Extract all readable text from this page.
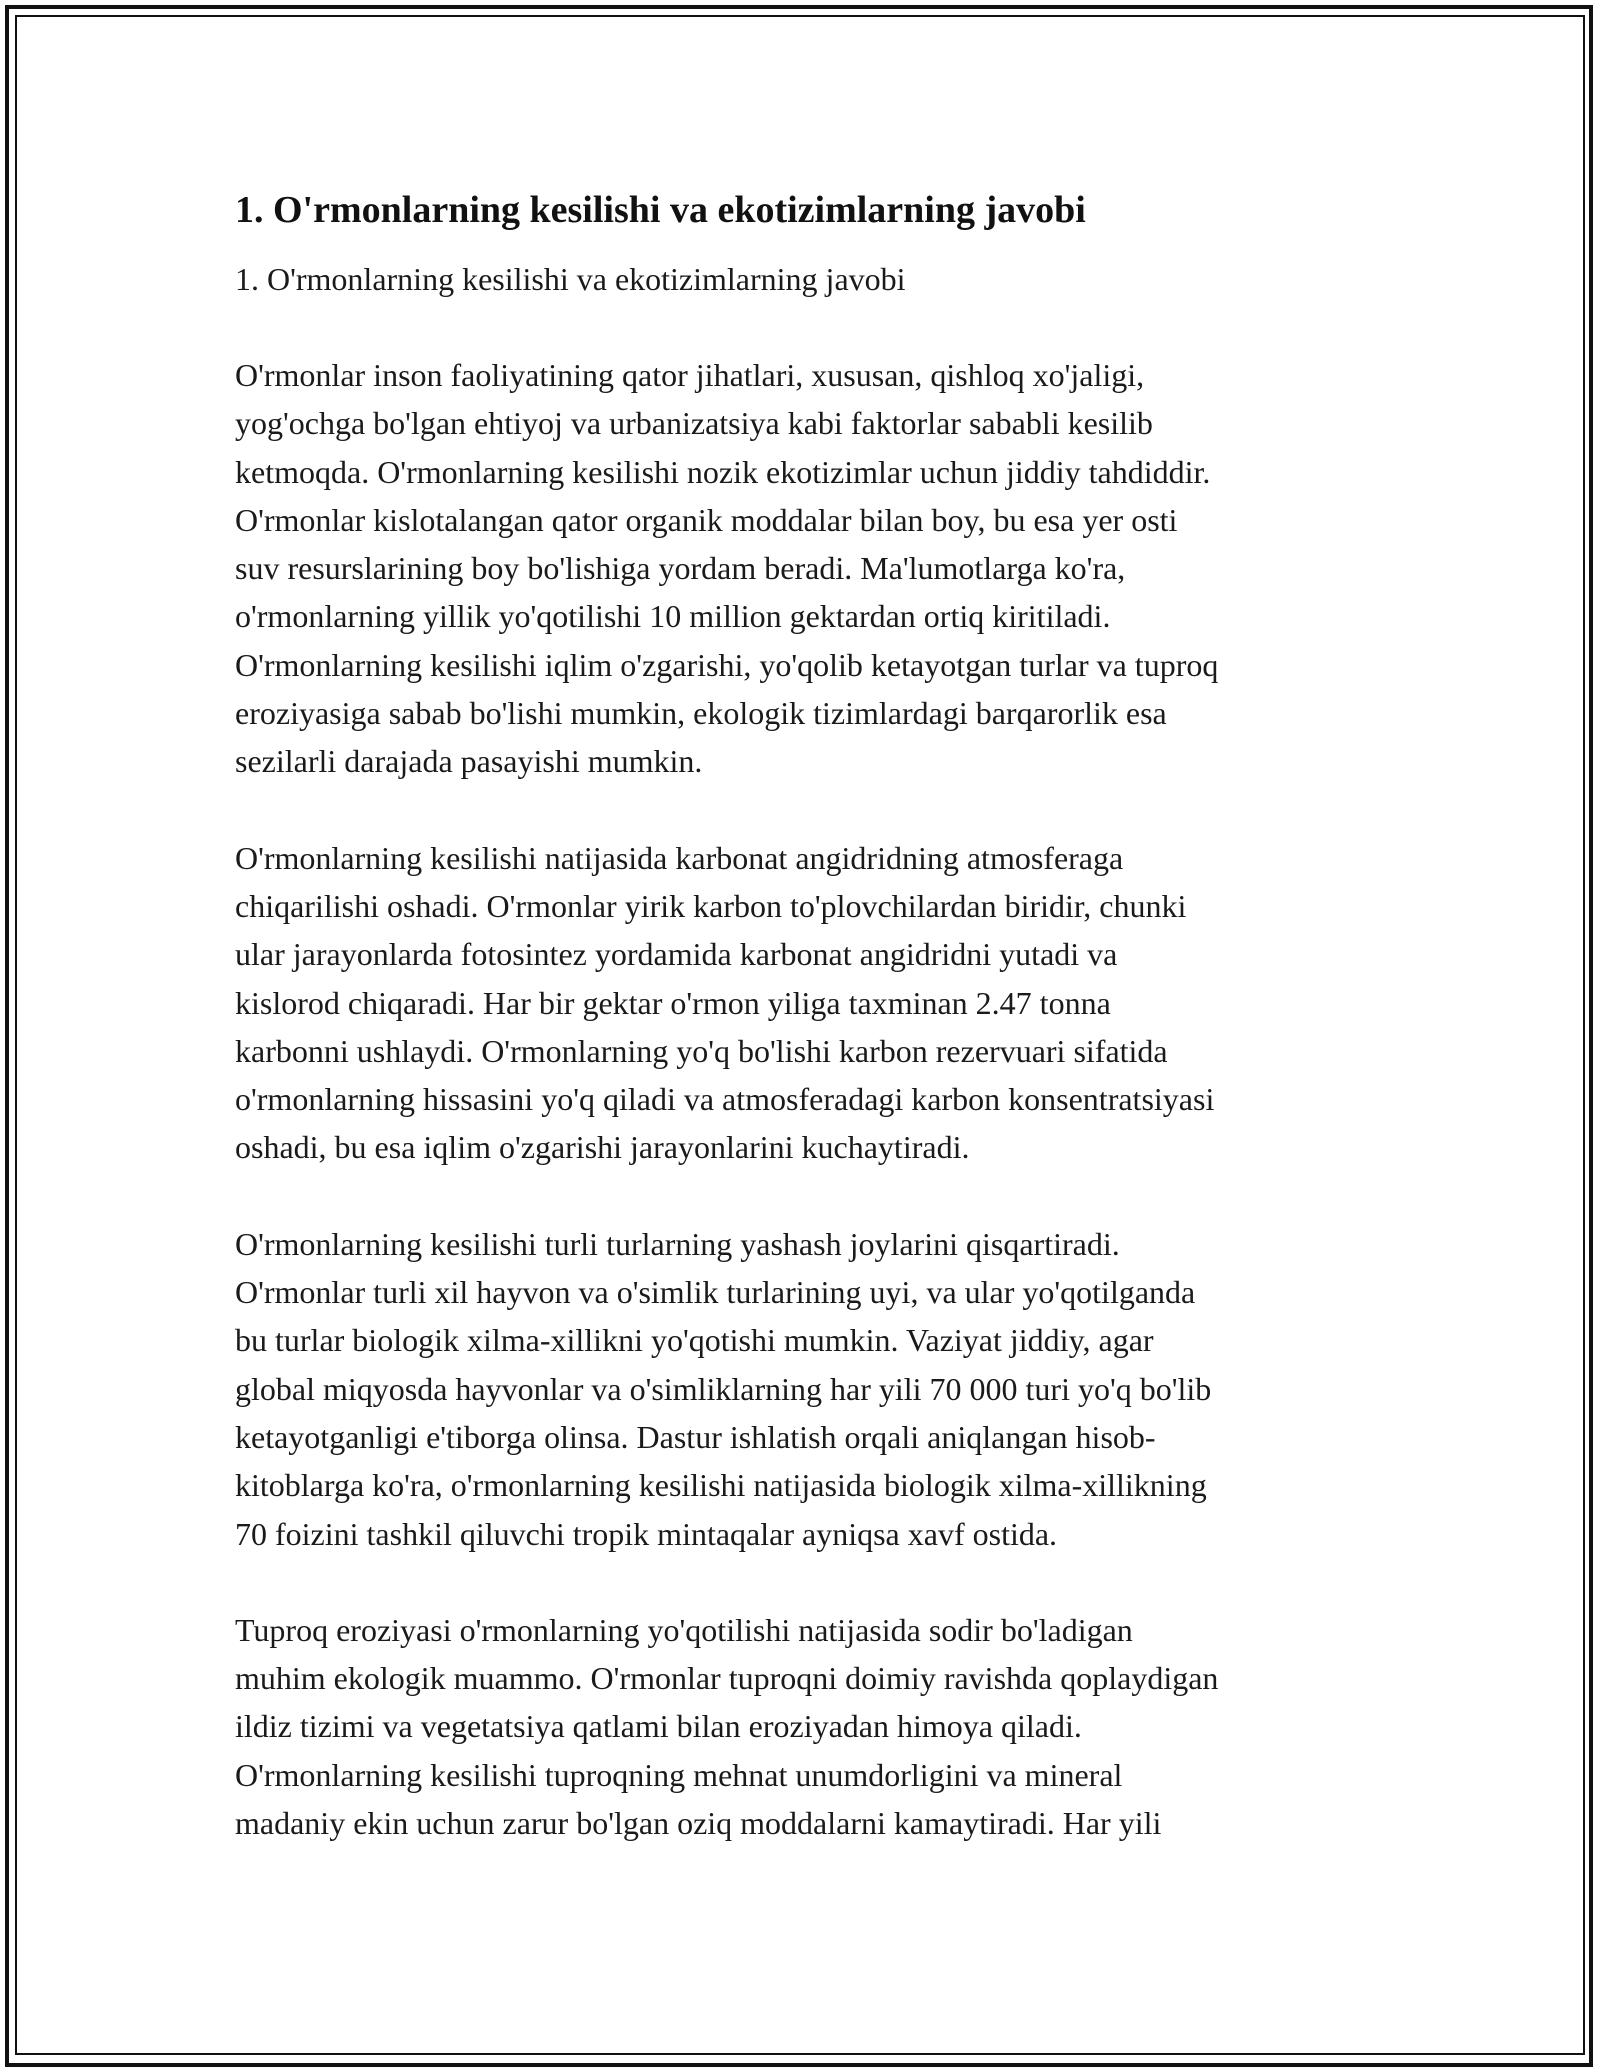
1. O'rmonlarning kesilishi va ekotizimlarning javobi

1. O'rmonlarning kesilishi va ekotizimlarning javobi

O'rmonlar inson faoliyatining qator jihatlari, xususan, qishloq xo'jaligi,
yog'ochga bo'lgan ehtiyoj va urbanizatsiya kabi faktorlar sababli kesilib
ketmoqda. O'rmonlarning kesilishi nozik ekotizimlar uchun jiddiy tahdiddir.
O'rmonlar kislotalangan qator organik moddalar bilan boy, bu esa yer osti
suv resurslarining boy bo'lishiga yordam beradi. Ma'lumotlarga ko'ra,
o'rmonlarning yillik yo'qotilishi 10 million gektardan ortiq kiritiladi.
O'rmonlarning kesilishi iqlim o'zgarishi, yo'qolib ketayotgan turlar va tuproq
eroziyasiga sabab bo'lishi mumkin, ekologik tizimlardagi barqarorlik esa
sezilarli darajada pasayishi mumkin.

O'rmonlarning kesilishi natijasida karbonat angidridning atmosferaga
chiqarilishi oshadi. O'rmonlar yirik karbon to'plovchilardan biridir, chunki
ular jarayonlarda fotosintez yordamida karbonat angidridni yutadi va
kislorod chiqaradi. Har bir gektar o'rmon yiliga taxminan 2.47 tonna
karbonni ushlaydi. O'rmonlarning yo'q bo'lishi karbon rezervuari sifatida
o'rmonlarning hissasini yo'q qiladi va atmosferadagi karbon konsentratsiyasi
oshadi, bu esa iqlim o'zgarishi jarayonlarini kuchaytiradi.

O'rmonlarning kesilishi turli turlarning yashash joylarini qisqartiradi.
O'rmonlar turli xil hayvon va o'simlik turlarining uyi, va ular yo'qotilganda
bu turlar biologik xilma-xillikni yo'qotishi mumkin. Vaziyat jiddiy, agar
global miqyosda hayvonlar va o'simliklarning har yili 70 000 turi yo'q bo'lib
ketayotganligi e'tiborga olinsa. Dastur ishlatish orqali aniqlangan hisob-
kitoblarga ko'ra, o'rmonlarning kesilishi natijasida biologik xilma-xillikning
70 foizini tashkil qiluvchi tropik mintaqalar ayniqsa xavf ostida.

Tuproq eroziyasi o'rmonlarning yo'qotilishi natijasida sodir bo'ladigan
muhim ekologik muammo. O'rmonlar tuproqni doimiy ravishda qoplaydigan
ildiz tizimi va vegetatsiya qatlami bilan eroziyadan himoya qiladi.
O'rmonlarning kesilishi tuproqning mehnat unumdorligini va mineral
madaniy ekin uchun zarur bo'lgan oziq moddalarni kamaytiradi. Har yili
